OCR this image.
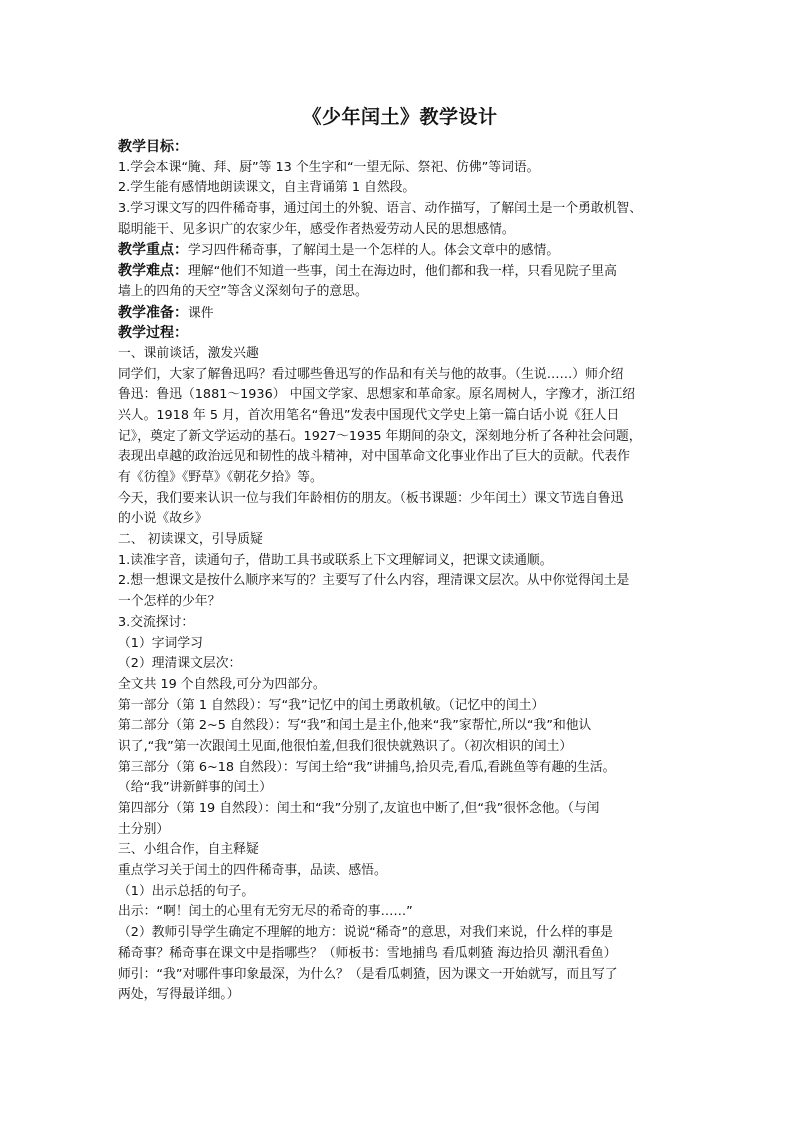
《少年闰土》教学设计
教学目标：
1.学会本课“腌、拜、厨”等 13 个生字和“一望无际、祭祀、仿佛”等词语。
2.学生能有感情地朗读课文，自主背诵第 1 自然段。
3.学习课文写的四件稀奇事，通过闰土的外貌、语言、动作描写，了解闰土是一个勇敢机智、
聪明能干、见多识广的农家少年，感受作者热爱劳动人民的思想感情。
教学重点：学习四件稀奇事，了解闰土是一个怎样的人。体会文章中的感情。
教学难点：理解“他们不知道一些事，闰土在海边时，他们都和我一样，只看见院子里高
墙上的四角的天空”等含义深刻句子的意思。
教学准备：课件
教学过程：
一、课前谈话，激发兴趣
同学们，大家了解鲁迅吗？看过哪些鲁迅写的作品和有关与他的故事。（生说……）师介绍
鲁迅：鲁迅（1881～1936） 中国文学家、思想家和革命家。原名周树人，字豫才，浙江绍
兴人。1918 年 5 月，首次用笔名“鲁迅”发表中国现代文学史上第一篇白话小说《狂人日
记》，奠定了新文学运动的基石。1927～1935 年期间的杂文，深刻地分析了各种社会问题，
表现出卓越的政治远见和韧性的战斗精神，对中国革命文化事业作出了巨大的贡献。代表作
有《彷徨》《野草》《朝花夕拾》等。
今天，我们要来认识一位与我们年龄相仿的朋友。（板书课题：少年闰土）课文节选自鲁迅
的小说《故乡》
二、 初读课文，引导质疑
1.读准字音，读通句子，借助工具书或联系上下文理解词义，把课文读通顺。
2.想一想课文是按什么顺序来写的？主要写了什么内容，理清课文层次。从中你觉得闰土是
一个怎样的少年？
3.交流探讨：
（1）字词学习
（2）理清课文层次：
全文共 19 个自然段,可分为四部分。
第一部分（第 1 自然段）：写“我”记忆中的闰土勇敢机敏。（记忆中的闰土）
第二部分（第 2~5 自然段）：写“我”和闰土是主仆,他来“我”家帮忙,所以“我”和他认
识了,“我”第一次跟闰土见面,他很怕羞,但我们很快就熟识了。（初次相识的闰土）
第三部分（第 6~18 自然段）：写闰土给“我”讲捕鸟,拾贝壳,看瓜,看跳鱼等有趣的生活。
（给“我”讲新鲜事的闰土）
第四部分（第 19 自然段）：闰土和“我”分别了,友谊也中断了,但“我”很怀念他。（与闰
土分别）
三、小组合作，自主释疑
重点学习关于闰土的四件稀奇事，品读、感悟。
（1）出示总括的句子。
出示：“啊！闰土的心里有无穷无尽的希奇的事……”
（2）教师引导学生确定不理解的地方：说说“稀奇”的意思，对我们来说，什么样的事是
稀奇事？稀奇事在课文中是指哪些？（师板书：雪地捕鸟 看瓜刺猹 海边拾贝 潮汛看鱼）
师引：“我”对哪件事印象最深，为什么？（是看瓜刺猹，因为课文一开始就写，而且写了
两处，写得最详细。）
